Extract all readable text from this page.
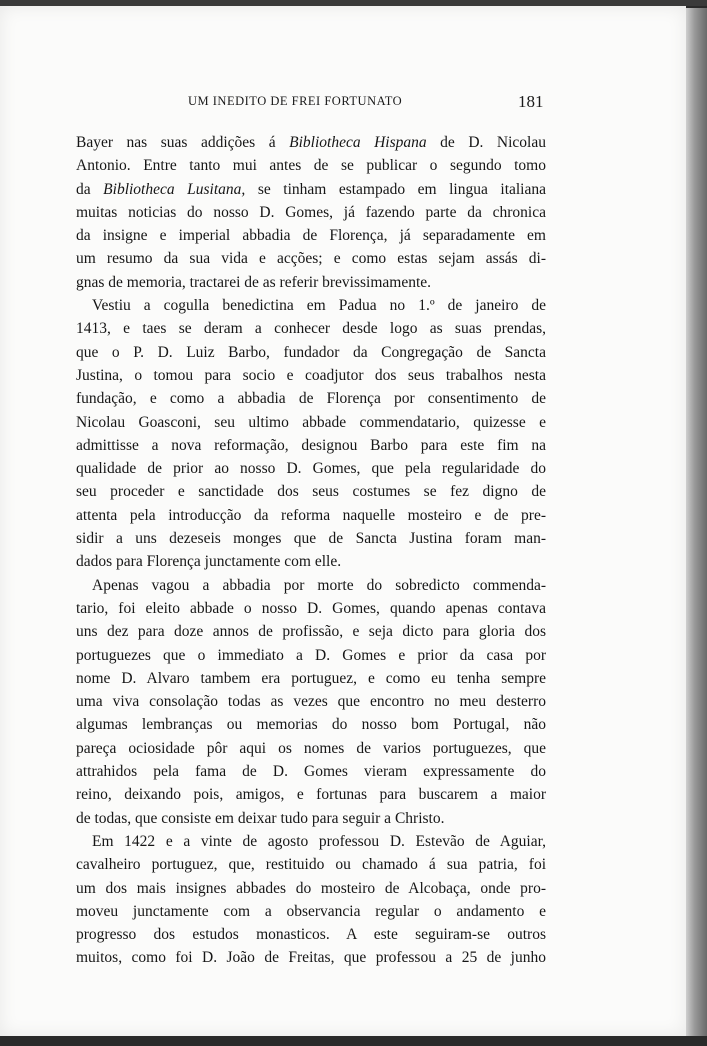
UM INEDITO DE FREI FORTUNATO	181
Bayer nas suas addições á Bibliotheca Hispana de D. Nicolau
Antonio. Entre tanto mui antes de se publicar o segundo tomo
da Bibliotheca Lusitana, se tinham estampado em lingua italiana
muitas noticias do nosso D. Gomes, já fazendo parte da chronica
da insigne e imperial abbadia de Florença, já separadamente em
um resumo da sua vida e acções; e como estas sejam assás di-
gnas de memoria, tractarei de as referir brevissimamente.
Vestiu a cogulla benedictina em Padua no 1.º de janeiro de
1413, e taes se deram a conhecer desde logo as suas prendas,
que o P. D. Luiz Barbo, fundador da Congregação de Sancta
Justina, o tomou para socio e coadjutor dos seus trabalhos nesta
fundação, e como a abbadia de Florença por consentimento de
Nicolau Goasconi, seu ultimo abbade commendatario, quizesse e
admittisse a nova reformação, designou Barbo para este fim na
qualidade de prior ao nosso D. Gomes, que pela regularidade do
seu proceder e sanctidade dos seus costumes se fez digno de
attenta pela introducção da reforma naquelle mosteiro e de pre-
sidir a uns dezeseis monges que de Sancta Justina foram man-
dados para Florença junctamente com elle.
Apenas vagou a abbadia por morte do sobredicto commenda-
tario, foi eleito abbade o nosso D. Gomes, quando apenas contava
uns dez para doze annos de profissão, e seja dicto para gloria dos
portuguezes que o immediato a D. Gomes e prior da casa por
nome D. Alvaro tambem era portuguez, e como eu tenha sempre
uma viva consolação todas as vezes que encontro no meu desterro
algumas lembranças ou memorias do nosso bom Portugal, não
pareça ociosidade pôr aqui os nomes de varios portuguezes, que
attrahidos pela fama de D. Gomes vieram expressamente do
reino, deixando pois, amigos, e fortunas para buscarem a maior
de todas, que consiste em deixar tudo para seguir a Christo.
Em 1422 e a vinte de agosto professou D. Estevão de Aguiar,
cavalheiro portuguez, que, restituido ou chamado á sua patria, foi
um dos mais insignes abbades do mosteiro de Alcobaça, onde pro-
moveu junctamente com a observancia regular o andamento e
progresso dos estudos monasticos. A este seguiram-se outros
muitos, como foi D. João de Freitas, que professou a 25 de junho
